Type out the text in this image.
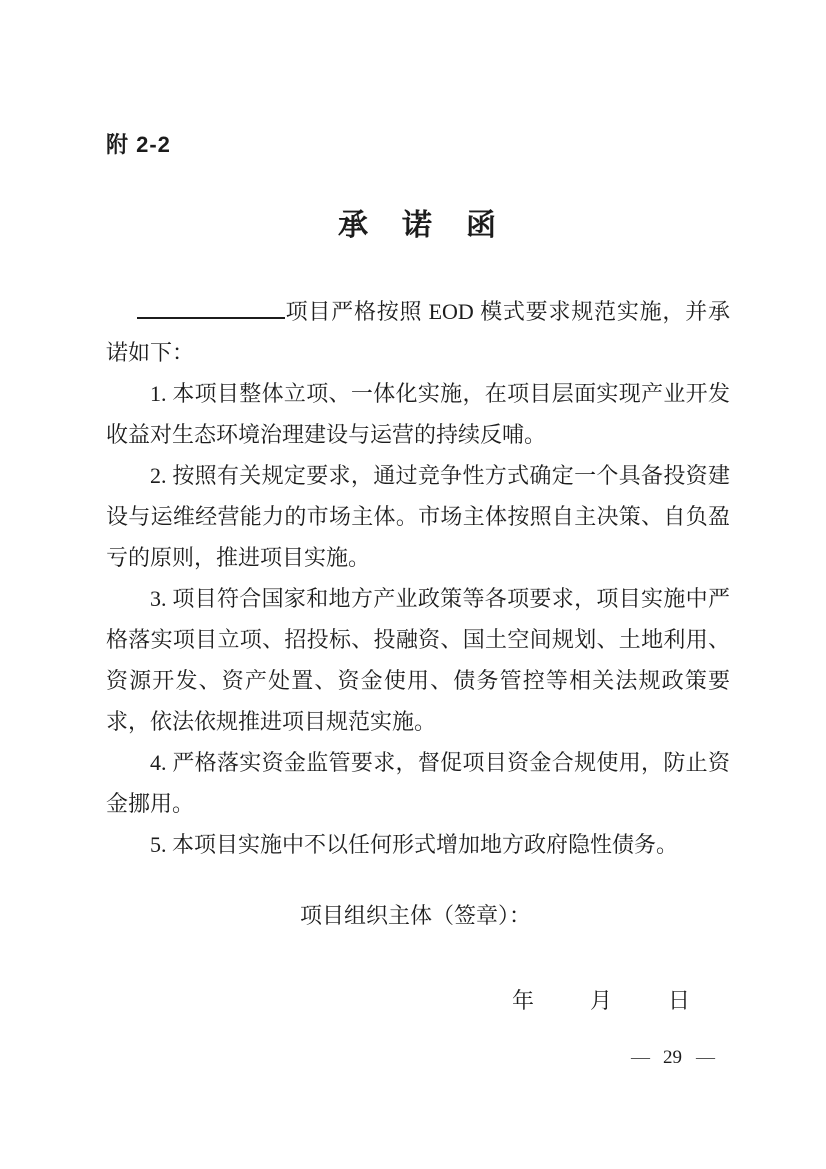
附 2-2
承　诺　函

项目严格按照 EOD 模式要求规范实施，并承诺如下：

1. 本项目整体立项、一体化实施，在项目层面实现产业开发收益对生态环境治理建设与运营的持续反哺。

2. 按照有关规定要求，通过竞争性方式确定一个具备投资建设与运维经营能力的市场主体。市场主体按照自主决策、自负盈亏的原则，推进项目实施。

3. 项目符合国家和地方产业政策等各项要求，项目实施中严格落实项目立项、招投标、投融资、国土空间规划、土地利用、资源开发、资产处置、资金使用、债务管控等相关法规政策要求，依法依规推进项目规范实施。

4. 严格落实资金监管要求，督促项目资金合规使用，防止资金挪用。

5. 本项目实施中不以任何形式增加地方政府隐性债务。

项目组织主体（签章）：
年	月	日
— 29 —
